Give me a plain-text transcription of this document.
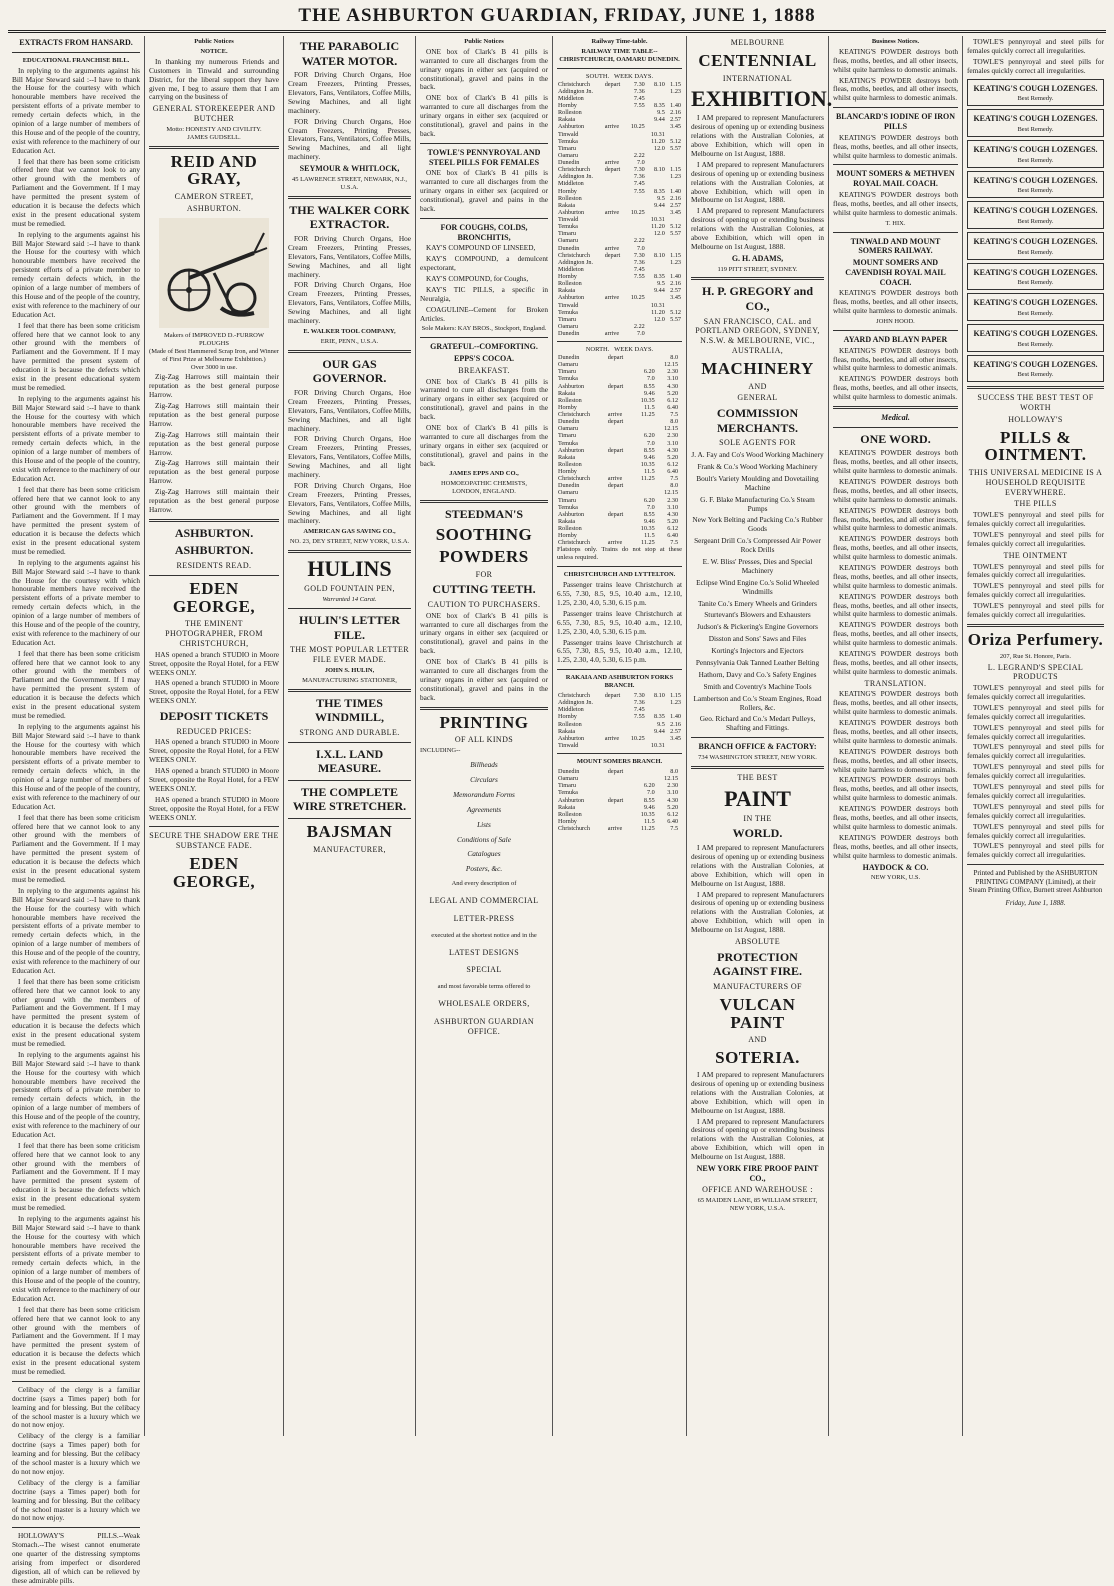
THE ASHBURTON GUARDIAN, FRIDAY, JUNE 1, 1888
EXTRACTS FROM HANSARD.
EDUCATIONAL FRANCHISE BILL.

In replying to the arguments against his Bill Major Steward said :--I have to thank the House for the courtesy with which honourable members have received the persistent efforts of a private member to remedy certain defects which, in the opinion of a large number of members of this House and of the people of the country, exist with reference to the machinery of our Education Act.

I feel that there has been some criticism offered here that we cannot look to any other ground with the members of Parliament and the Government. If I may have permitted the present system of education it is because the defects which exist in the present educational system must be remedied.

In replying to the arguments against his Bill Major Steward said :--I have to thank the House for the courtesy with which honourable members have received the persistent efforts of a private member to remedy certain defects which, in the opinion of a large number of members of this House and of the people of the country, exist with reference to the machinery of our Education Act.

I feel that there has been some criticism offered here that we cannot look to any other ground with the members of Parliament and the Government. If I may have permitted the present system of education it is because the defects which exist in the present educational system must be remedied.

In replying to the arguments against his Bill Major Steward said :--I have to thank the House for the courtesy with which honourable members have received the persistent efforts of a private member to remedy certain defects which, in the opinion of a large number of members of this House and of the people of the country, exist with reference to the machinery of our Education Act.

I feel that there has been some criticism offered here that we cannot look to any other ground with the members of Parliament and the Government. If I may have permitted the present system of education it is because the defects which exist in the present educational system must be remedied.

In replying to the arguments against his Bill Major Steward said :--I have to thank the House for the courtesy with which honourable members have received the persistent efforts of a private member to remedy certain defects which, in the opinion of a large number of members of this House and of the people of the country, exist with reference to the machinery of our Education Act.

I feel that there has been some criticism offered here that we cannot look to any other ground with the members of Parliament and the Government. If I may have permitted the present system of education it is because the defects which exist in the present educational system must be remedied.

In replying to the arguments against his Bill Major Steward said :--I have to thank the House for the courtesy with which honourable members have received the persistent efforts of a private member to remedy certain defects which, in the opinion of a large number of members of this House and of the people of the country, exist with reference to the machinery of our Education Act.

I feel that there has been some criticism offered here that we cannot look to any other ground with the members of Parliament and the Government. If I may have permitted the present system of education it is because the defects which exist in the present educational system must be remedied.

In replying to the arguments against his Bill Major Steward said :--I have to thank the House for the courtesy with which honourable members have received the persistent efforts of a private member to remedy certain defects which, in the opinion of a large number of members of this House and of the people of the country, exist with reference to the machinery of our Education Act.

I feel that there has been some criticism offered here that we cannot look to any other ground with the members of Parliament and the Government. If I may have permitted the present system of education it is because the defects which exist in the present educational system must be remedied.

In replying to the arguments against his Bill Major Steward said :--I have to thank the House for the courtesy with which honourable members have received the persistent efforts of a private member to remedy certain defects which, in the opinion of a large number of members of this House and of the people of the country, exist with reference to the machinery of our Education Act.

I feel that there has been some criticism offered here that we cannot look to any other ground with the members of Parliament and the Government. If I may have permitted the present system of education it is because the defects which exist in the present educational system must be remedied.

In replying to the arguments against his Bill Major Steward said :--I have to thank the House for the courtesy with which honourable members have received the persistent efforts of a private member to remedy certain defects which, in the opinion of a large number of members of this House and of the people of the country, exist with reference to the machinery of our Education Act.

I feel that there has been some criticism offered here that we cannot look to any other ground with the members of Parliament and the Government. If I may have permitted the present system of education it is because the defects which exist in the present educational system must be remedied.

Celibacy of the clergy is a familiar doctrine (says a Times paper) both for learning and for blessing. But the celibacy of the school master is a luxury which we do not now enjoy.

Celibacy of the clergy is a familiar doctrine (says a Times paper) both for learning and for blessing. But the celibacy of the school master is a luxury which we do not now enjoy.

Celibacy of the clergy is a familiar doctrine (says a Times paper) both for learning and for blessing. But the celibacy of the school master is a luxury which we do not now enjoy.

HOLLOWAY'S PILLS.--Weak Stomach.--The wisest cannot enumerate one quarter of the distressing symptoms arising from imperfect or disordered digestion, all of which can be relieved by these admirable pills.

Public Notices
NOTICE.

In thanking my numerous Friends and Customers in Tinwald and surrounding District, for the liberal support they have given me, I beg to assure them that I am carrying on the business of

GENERAL STOREKEEPER AND BUTCHER
Motto: HONESTY AND CIVILITY.
JAMES GUDSELL.
REID AND GRAY,
CAMERON STREET,
ASHBURTON.
Makers of IMPROVED D.-FURROW PLOUGHS
(Made of Best Hammered Scrap Iron, and Winner of First Prize at Melbourne Exhibition.)
Over 3000 in use.

Zig-Zag Harrows still maintain their reputation as the best general purpose Harrow.

Zig-Zag Harrows still maintain their reputation as the best general purpose Harrow.

Zig-Zag Harrows still maintain their reputation as the best general purpose Harrow.

Zig-Zag Harrows still maintain their reputation as the best general purpose Harrow.

Zig-Zag Harrows still maintain their reputation as the best general purpose Harrow.

ASHBURTON.
ASHBURTON.
RESIDENTS READ.
EDEN GEORGE,
THE EMINENT PHOTOGRAPHER, FROM CHRISTCHURCH,

HAS opened a branch STUDIO in Moore Street, opposite the Royal Hotel, for a FEW WEEKS ONLY.

HAS opened a branch STUDIO in Moore Street, opposite the Royal Hotel, for a FEW WEEKS ONLY.

DEPOSIT TICKETS
REDUCED PRICES:

HAS opened a branch STUDIO in Moore Street, opposite the Royal Hotel, for a FEW WEEKS ONLY.

HAS opened a branch STUDIO in Moore Street, opposite the Royal Hotel, for a FEW WEEKS ONLY.

HAS opened a branch STUDIO in Moore Street, opposite the Royal Hotel, for a FEW WEEKS ONLY.

SECURE THE SHADOW ERE THE SUBSTANCE FADE.
EDEN GEORGE,
THE PARABOLIC WATER MOTOR.

FOR Driving Church Organs, Hoe Cream Freezers, Printing Presses, Elevators, Fans, Ventilators, Coffee Mills, Sewing Machines, and all light machinery.

FOR Driving Church Organs, Hoe Cream Freezers, Printing Presses, Elevators, Fans, Ventilators, Coffee Mills, Sewing Machines, and all light machinery.

SEYMOUR & WHITLOCK,
45 LAWRENCE STREET, NEWARK, N.J., U.S.A.
THE WALKER CORK EXTRACTOR.

FOR Driving Church Organs, Hoe Cream Freezers, Printing Presses, Elevators, Fans, Ventilators, Coffee Mills, Sewing Machines, and all light machinery.

FOR Driving Church Organs, Hoe Cream Freezers, Printing Presses, Elevators, Fans, Ventilators, Coffee Mills, Sewing Machines, and all light machinery.

E. WALKER TOOL COMPANY,
ERIE, PENN., U.S.A.
OUR GAS GOVERNOR.

FOR Driving Church Organs, Hoe Cream Freezers, Printing Presses, Elevators, Fans, Ventilators, Coffee Mills, Sewing Machines, and all light machinery.

FOR Driving Church Organs, Hoe Cream Freezers, Printing Presses, Elevators, Fans, Ventilators, Coffee Mills, Sewing Machines, and all light machinery.

FOR Driving Church Organs, Hoe Cream Freezers, Printing Presses, Elevators, Fans, Ventilators, Coffee Mills, Sewing Machines, and all light machinery.

AMERICAN GAS SAVING CO.,
NO. 23, DEY STREET, NEW YORK, U.S.A.
HULINS
GOLD FOUNTAIN PEN,
Warranted 14 Carat.
HULIN'S LETTER FILE.
THE MOST POPULAR LETTER FILE EVER MADE.
JOHN S. HULIN,
MANUFACTURING STATIONER,
THE TIMES WINDMILL,
STRONG AND DURABLE.
I.X.L. LAND MEASURE.
THE COMPLETE WIRE STRETCHER.
BAJSMAN
MANUFACTURER,
Public Notices

ONE box of Clark's B 41 pills is warranted to cure all discharges from the urinary organs in either sex (acquired or constitutional), gravel and pains in the back.

ONE box of Clark's B 41 pills is warranted to cure all discharges from the urinary organs in either sex (acquired or constitutional), gravel and pains in the back.

TOWLE'S PENNYROYAL AND STEEL PILLS FOR FEMALES

ONE box of Clark's B 41 pills is warranted to cure all discharges from the urinary organs in either sex (acquired or constitutional), gravel and pains in the back.

FOR COUGHS, COLDS, BRONCHITIS,

KAY'S COMPOUND OF LINSEED,

KAY'S COMPOUND, a demulcent expectorant,

KAY'S COMPOUND, for Coughs,

KAY'S TIC PILLS, a specific in Neuralgia,

COAGULINE--Cement for Broken Articles.

Sole Makers: KAY BROS., Stockport, England.
GRATEFUL--COMFORTING.
EPPS'S COCOA.
BREAKFAST.

ONE box of Clark's B 41 pills is warranted to cure all discharges from the urinary organs in either sex (acquired or constitutional), gravel and pains in the back.

ONE box of Clark's B 41 pills is warranted to cure all discharges from the urinary organs in either sex (acquired or constitutional), gravel and pains in the back.

JAMES EPPS AND CO.,
HOMOEOPATHIC CHEMISTS,
LONDON, ENGLAND.
STEEDMAN'S
SOOTHING
POWDERS
FOR
CUTTING TEETH.
CAUTION TO PURCHASERS.

ONE box of Clark's B 41 pills is warranted to cure all discharges from the urinary organs in either sex (acquired or constitutional), gravel and pains in the back.

ONE box of Clark's B 41 pills is warranted to cure all discharges from the urinary organs in either sex (acquired or constitutional), gravel and pains in the back.

PRINTING
OF ALL KINDS
INCLUDING--
Billheads
Circulars
Memorandum Forms
Agreements
Lists
Conditions of Sale
Catalogues
Posters, &c.
And every description of
LEGAL AND COMMERCIAL
LETTER-PRESS
executed at the shortest notice and in the
LATEST DESIGNS
SPECIAL
and most favorable terms offered to
WHOLESALE ORDERS,
ASHBURTON GUARDIAN OFFICE.
Railway Time-table.
RAILWAY TIME TABLE--CHRISTCHURCH, OAMARU DUNEDIN.
SOUTH. WEEK DAYS.
Christchurch	depart	7.30	8.10	1.15
Addington Jn.		7.36		1.23
Middleton		7.45		
Hornby		7.55	8.35	1.40
Rolleston			9.5	2.16
Rakaia			9.44	2.57
Ashburton	arrive	10.25		3.45
Tinwald			10.31	
Temuka			11.20	5.12
Timaru			12.0	5.57
Oamaru		2.22		
Dunedin	arrive	7.0		
Christchurch	depart	7.30	8.10	1.15
Addington Jn.		7.36		1.23
Middleton		7.45		
Hornby		7.55	8.35	1.40
Rolleston			9.5	2.16
Rakaia			9.44	2.57
Ashburton	arrive	10.25		3.45
Tinwald			10.31	
Temuka			11.20	5.12
Timaru			12.0	5.57
Oamaru		2.22		
Dunedin	arrive	7.0		
Christchurch	depart	7.30	8.10	1.15
Addington Jn.		7.36		1.23
Middleton		7.45		
Hornby		7.55	8.35	1.40
Rolleston			9.5	2.16
Rakaia			9.44	2.57
Ashburton	arrive	10.25		3.45
Tinwald			10.31	
Temuka			11.20	5.12
Timaru			12.0	5.57
Oamaru		2.22		
Dunedin	arrive	7.0		
NORTH. WEEK DAYS.
Dunedin	depart		8.0	
Oamaru			12.15	
Timaru		6.20	2.30	
Temuka		7.0	3.10	
Ashburton	depart	8.55	4.30	
Rakaia		9.46	5.20	
Rolleston		10.35	6.12	
Hornby		11.5	6.40	
Christchurch	arrive	11.25	7.5	
Dunedin	depart		8.0	
Oamaru			12.15	
Timaru		6.20	2.30	
Temuka		7.0	3.10	
Ashburton	depart	8.55	4.30	
Rakaia		9.46	5.20	
Rolleston		10.35	6.12	
Hornby		11.5	6.40	
Christchurch	arrive	11.25	7.5	
Dunedin	depart		8.0	
Oamaru			12.15	
Timaru		6.20	2.30	
Temuka		7.0	3.10	
Ashburton	depart	8.55	4.30	
Rakaia		9.46	5.20	
Rolleston		10.35	6.12	
Hornby		11.5	6.40	
Christchurch	arrive	11.25	7.5	
Flatstops only. Trains do not stop at these unless required.
CHRISTCHURCH AND LYTTELTON.

Passenger trains leave Christchurch at 6.55, 7.30, 8.5, 9.5, 10.40 a.m., 12.10, 1.25, 2.30, 4.0, 5.30, 6.15 p.m.

Passenger trains leave Christchurch at 6.55, 7.30, 8.5, 9.5, 10.40 a.m., 12.10, 1.25, 2.30, 4.0, 5.30, 6.15 p.m.

Passenger trains leave Christchurch at 6.55, 7.30, 8.5, 9.5, 10.40 a.m., 12.10, 1.25, 2.30, 4.0, 5.30, 6.15 p.m.

RAKAIA AND ASHBURTON FORKS BRANCH.
Christchurch	depart	7.30	8.10	1.15
Addington Jn.		7.36		1.23
Middleton		7.45		
Hornby		7.55	8.35	1.40
Rolleston			9.5	2.16
Rakaia			9.44	2.57
Ashburton	arrive	10.25		3.45
Tinwald			10.31	
MOUNT SOMERS BRANCH.
Dunedin	depart		8.0	
Oamaru			12.15	
Timaru		6.20	2.30	
Temuka		7.0	3.10	
Ashburton	depart	8.55	4.30	
Rakaia		9.46	5.20	
Rolleston		10.35	6.12	
Hornby		11.5	6.40	
Christchurch	arrive	11.25	7.5	
MELBOURNE
CENTENNIAL
INTERNATIONAL
EXHIBITION.

I AM prepared to represent Manufacturers desirous of opening up or extending business relations with the Australian Colonies, at above Exhibition, which will open in Melbourne on 1st August, 1888.

I AM prepared to represent Manufacturers desirous of opening up or extending business relations with the Australian Colonies, at above Exhibition, which will open in Melbourne on 1st August, 1888.

I AM prepared to represent Manufacturers desirous of opening up or extending business relations with the Australian Colonies, at above Exhibition, which will open in Melbourne on 1st August, 1888.

G. H. ADAMS,
119 PITT STREET, SYDNEY.
H. P. GREGORY and CO.,
SAN FRANCISCO, CAL. and PORTLAND OREGON, SYDNEY, N.S.W. & MELBOURNE, VIC., AUSTRALIA,
MACHINERY
AND
GENERAL
COMMISSION MERCHANTS.
SOLE AGENTS FOR
J. A. Fay and Co's Wood Working Machinery
Frank & Co.'s Wood Working Machinery
Boult's Variety Moulding and Dovetailing Machine
G. F. Blake Manufacturing Co.'s Steam Pumps
New York Belting and Packing Co.'s Rubber Goods
Sergeant Drill Co.'s Compressed Air Power Rock Drills
E. W. Bliss' Presses, Dies and Special Machinery
Eclipse Wind Engine Co.'s Solid Wheeled Windmills
Tanite Co.'s Emery Wheels and Grinders
Sturtevant's Blowers and Exhausters
Judson's & Pickering's Engine Governors
Disston and Sons' Saws and Files
Korting's Injectors and Ejectors
Pennsylvania Oak Tanned Leather Belting
Hathorn, Davy and Co.'s Safety Engines
Smith and Coventry's Machine Tools
Lambertson and Co.'s Steam Engines, Road Rollers, &c.
Geo. Richard and Co.'s Medart Pulleys, Shafting and Fittings.
BRANCH OFFICE & FACTORY:
734 WASHINGTON STREET, NEW YORK.
THE BEST
PAINT
IN THE
WORLD.

I AM prepared to represent Manufacturers desirous of opening up or extending business relations with the Australian Colonies, at above Exhibition, which will open in Melbourne on 1st August, 1888.

I AM prepared to represent Manufacturers desirous of opening up or extending business relations with the Australian Colonies, at above Exhibition, which will open in Melbourne on 1st August, 1888.

ABSOLUTE
PROTECTION AGAINST FIRE.
MANUFACTURERS OF
VULCAN PAINT
AND
SOTERIA.

I AM prepared to represent Manufacturers desirous of opening up or extending business relations with the Australian Colonies, at above Exhibition, which will open in Melbourne on 1st August, 1888.

I AM prepared to represent Manufacturers desirous of opening up or extending business relations with the Australian Colonies, at above Exhibition, which will open in Melbourne on 1st August, 1888.

NEW YORK FIRE PROOF PAINT CO.,
OFFICE AND WAREHOUSE :
65 MAIDEN LANE, 85 WILLIAM STREET, NEW YORK, U.S.A.
Business Notices.

KEATING'S POWDER destroys both fleas, moths, beetles, and all other insects, whilst quite harmless to domestic animals.

KEATING'S POWDER destroys both fleas, moths, beetles, and all other insects, whilst quite harmless to domestic animals.

BLANCARD'S IODINE OF IRON PILLS

KEATING'S POWDER destroys both fleas, moths, beetles, and all other insects, whilst quite harmless to domestic animals.

MOUNT SOMERS & METHVEN ROYAL MAIL COACH.

KEATING'S POWDER destroys both fleas, moths, beetles, and all other insects, whilst quite harmless to domestic animals.

T. HIX.
TINWALD AND MOUNT SOMERS RAILWAY.
MOUNT SOMERS AND CAVENDISH ROYAL MAIL COACH.

KEATING'S POWDER destroys both fleas, moths, beetles, and all other insects, whilst quite harmless to domestic animals.

JOHN HOOD.
AYARD AND BLAYN PAPER

KEATING'S POWDER destroys both fleas, moths, beetles, and all other insects, whilst quite harmless to domestic animals.

KEATING'S POWDER destroys both fleas, moths, beetles, and all other insects, whilst quite harmless to domestic animals.

Medical.
ONE WORD.

KEATING'S POWDER destroys both fleas, moths, beetles, and all other insects, whilst quite harmless to domestic animals.

KEATING'S POWDER destroys both fleas, moths, beetles, and all other insects, whilst quite harmless to domestic animals.

KEATING'S POWDER destroys both fleas, moths, beetles, and all other insects, whilst quite harmless to domestic animals.

KEATING'S POWDER destroys both fleas, moths, beetles, and all other insects, whilst quite harmless to domestic animals.

KEATING'S POWDER destroys both fleas, moths, beetles, and all other insects, whilst quite harmless to domestic animals.

KEATING'S POWDER destroys both fleas, moths, beetles, and all other insects, whilst quite harmless to domestic animals.

KEATING'S POWDER destroys both fleas, moths, beetles, and all other insects, whilst quite harmless to domestic animals.

KEATING'S POWDER destroys both fleas, moths, beetles, and all other insects, whilst quite harmless to domestic animals.

TRANSLATION.

KEATING'S POWDER destroys both fleas, moths, beetles, and all other insects, whilst quite harmless to domestic animals.

KEATING'S POWDER destroys both fleas, moths, beetles, and all other insects, whilst quite harmless to domestic animals.

KEATING'S POWDER destroys both fleas, moths, beetles, and all other insects, whilst quite harmless to domestic animals.

KEATING'S POWDER destroys both fleas, moths, beetles, and all other insects, whilst quite harmless to domestic animals.

KEATING'S POWDER destroys both fleas, moths, beetles, and all other insects, whilst quite harmless to domestic animals.

KEATING'S POWDER destroys both fleas, moths, beetles, and all other insects, whilst quite harmless to domestic animals.

HAYDOCK & CO.
NEW YORK, U.S.

TOWLE'S pennyroyal and steel pills for females quickly correct all irregularities.

TOWLE'S pennyroyal and steel pills for females quickly correct all irregularities.

KEATING'S COUGH LOZENGES.
Best Remedy.
KEATING'S COUGH LOZENGES.
Best Remedy.
KEATING'S COUGH LOZENGES.
Best Remedy.
KEATING'S COUGH LOZENGES.
Best Remedy.
KEATING'S COUGH LOZENGES.
Best Remedy.
KEATING'S COUGH LOZENGES.
Best Remedy.
KEATING'S COUGH LOZENGES.
Best Remedy.
KEATING'S COUGH LOZENGES.
Best Remedy.
KEATING'S COUGH LOZENGES.
Best Remedy.
KEATING'S COUGH LOZENGES.
Best Remedy.
SUCCESS THE BEST TEST OF WORTH
HOLLOWAY'S
PILLS & OINTMENT.
THIS UNIVERSAL MEDICINE IS A HOUSEHOLD REQUISITE EVERYWHERE.
THE PILLS

TOWLE'S pennyroyal and steel pills for females quickly correct all irregularities.

TOWLE'S pennyroyal and steel pills for females quickly correct all irregularities.

THE OINTMENT

TOWLE'S pennyroyal and steel pills for females quickly correct all irregularities.

TOWLE'S pennyroyal and steel pills for females quickly correct all irregularities.

TOWLE'S pennyroyal and steel pills for females quickly correct all irregularities.

Oriza Perfumery.
207, Rue St. Honore, Paris.
L. LEGRAND'S SPECIAL PRODUCTS

TOWLE'S pennyroyal and steel pills for females quickly correct all irregularities.

TOWLE'S pennyroyal and steel pills for females quickly correct all irregularities.

TOWLE'S pennyroyal and steel pills for females quickly correct all irregularities.

TOWLE'S pennyroyal and steel pills for females quickly correct all irregularities.

TOWLE'S pennyroyal and steel pills for females quickly correct all irregularities.

TOWLE'S pennyroyal and steel pills for females quickly correct all irregularities.

TOWLE'S pennyroyal and steel pills for females quickly correct all irregularities.

TOWLE'S pennyroyal and steel pills for females quickly correct all irregularities.

TOWLE'S pennyroyal and steel pills for females quickly correct all irregularities.

Printed and Published by the ASHBURTON PRINTING COMPANY (Limited), at their Steam Printing Office, Burnett street Ashburton
Friday, June 1, 1888.
